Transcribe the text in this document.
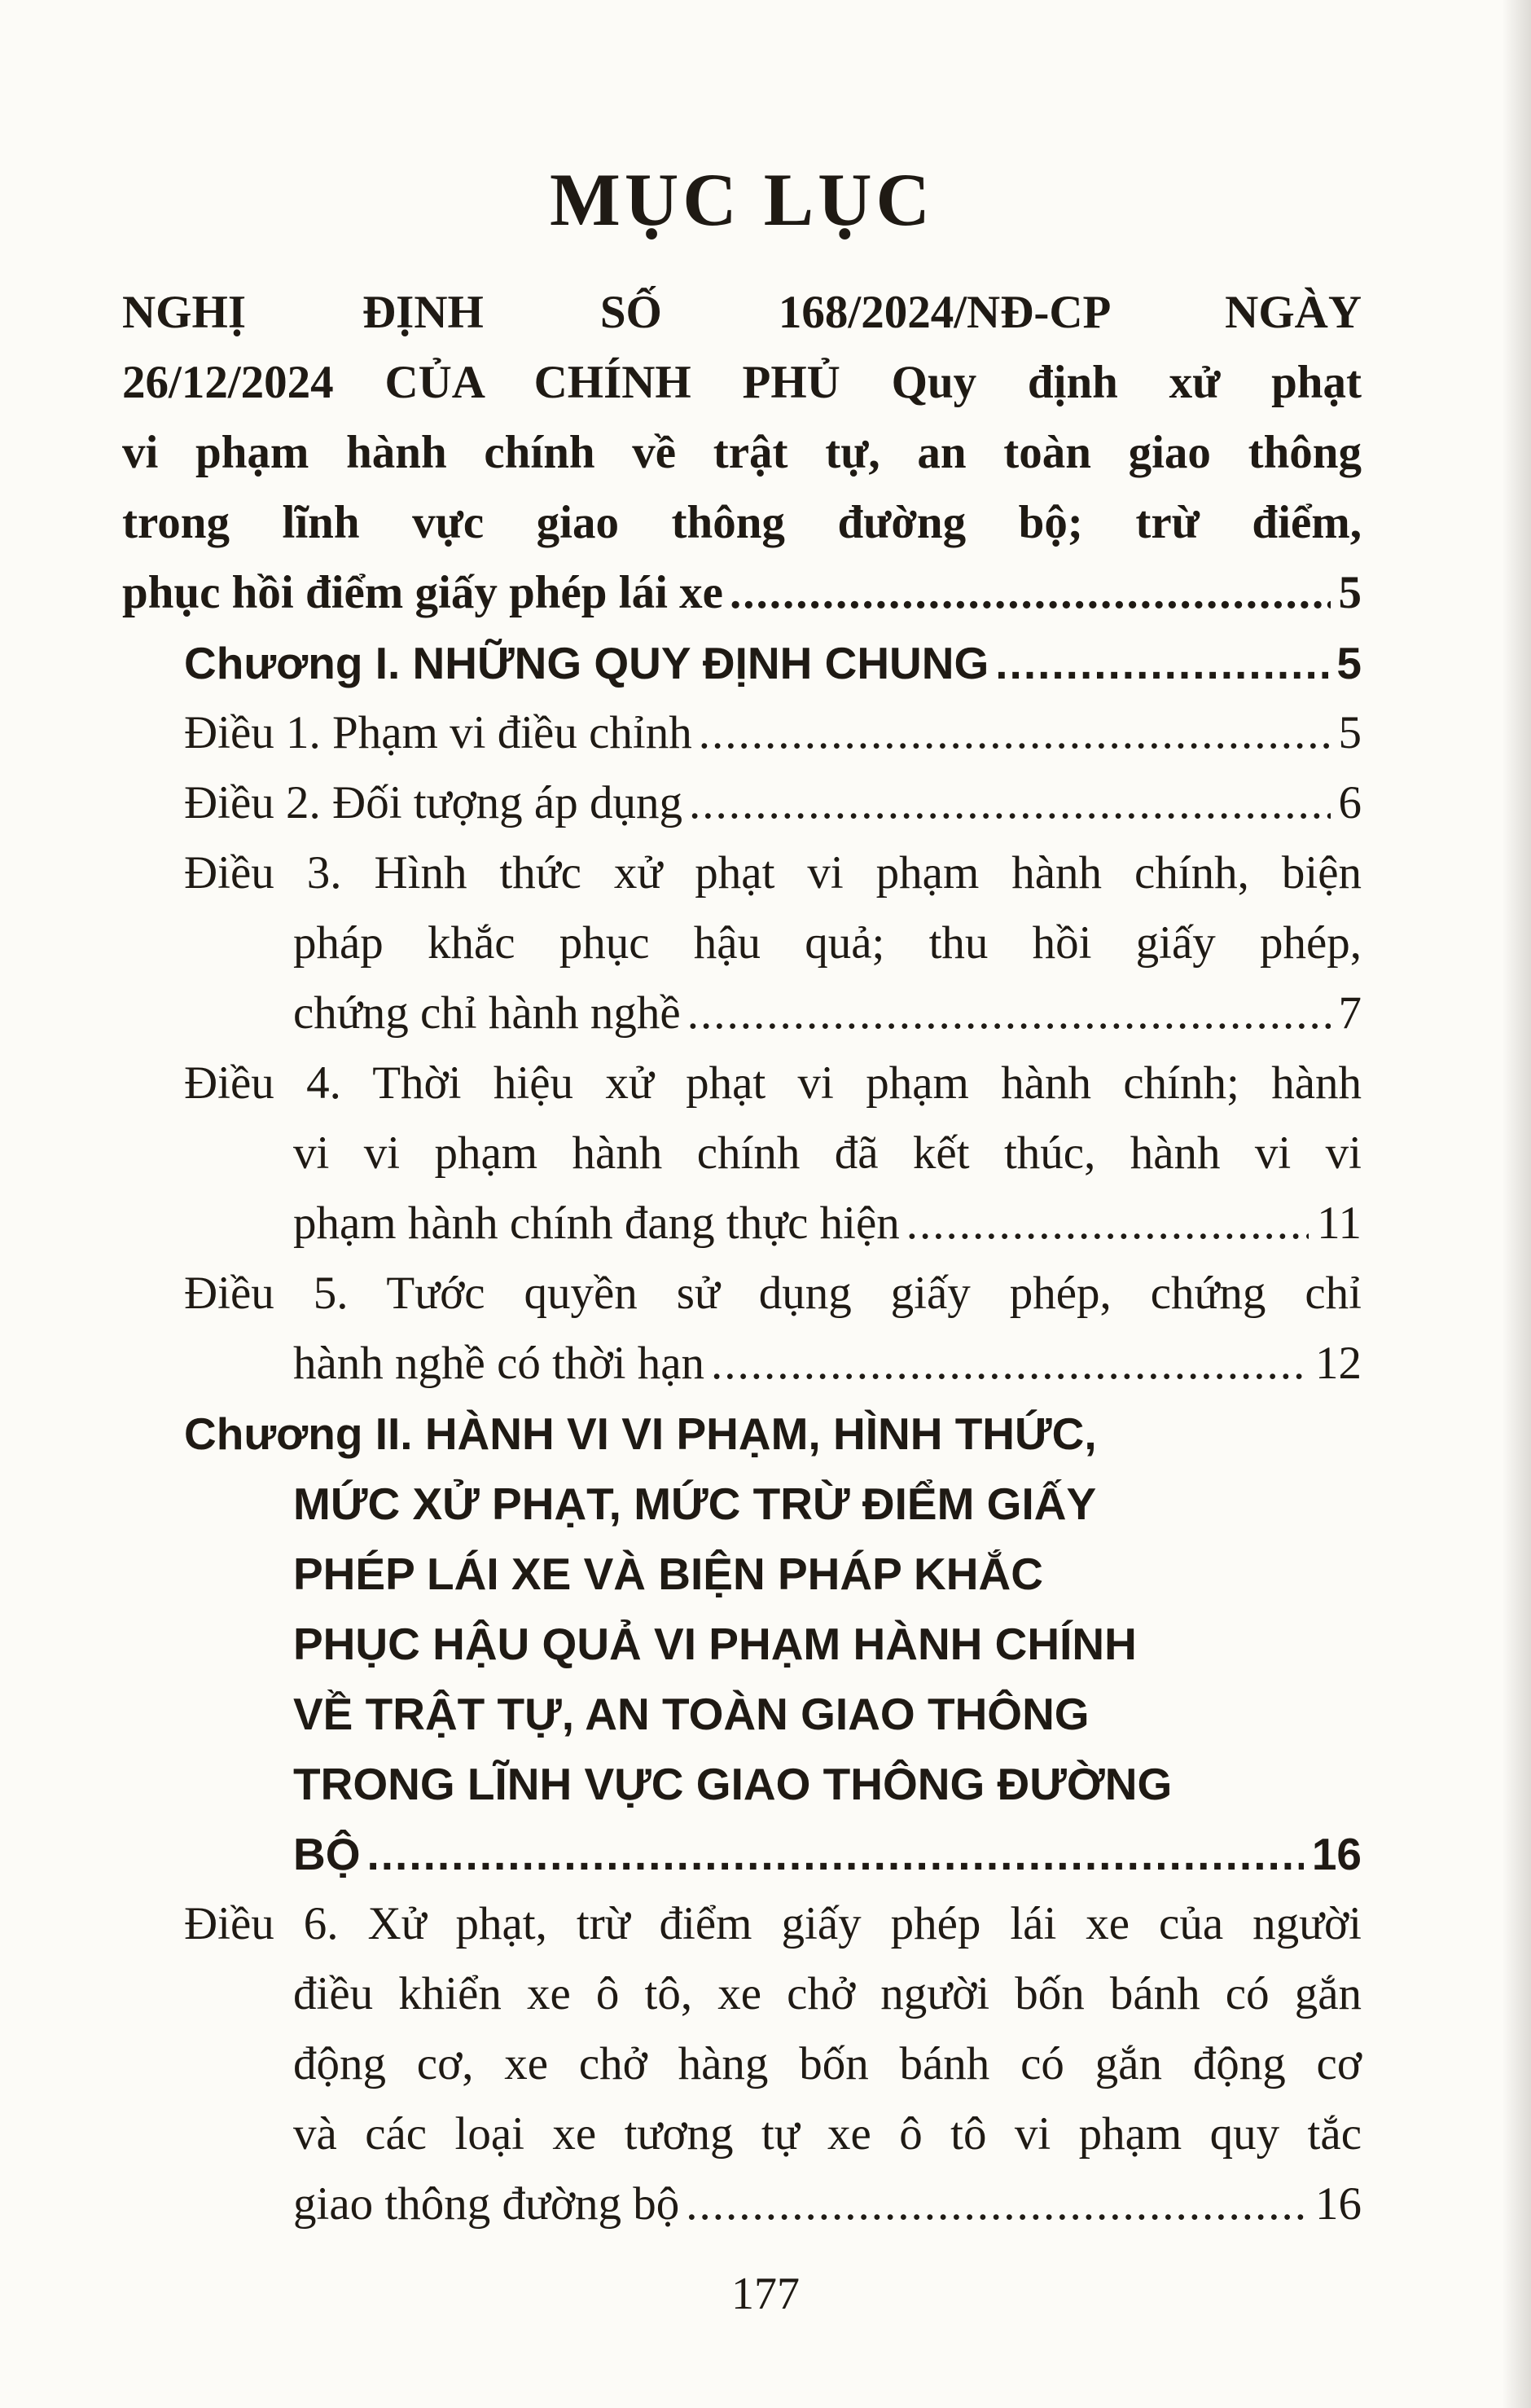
MỤC LỤC
NGHỊ ĐỊNH SỐ 168/2024/NĐ-CP NGÀY
26/12/2024 CỦA CHÍNH PHỦ Quy định xử phạt
vi phạm hành chính về trật tự, an toàn giao thông
trong lĩnh vực giao thông đường bộ; trừ điểm,
phục hồi điểm giấy phép lái xe .....	5
Chương I. NHỮNG QUY ĐỊNH CHUNG .....	5
Điều 1. Phạm vi điều chỉnh .....	5
Điều 2. Đối tượng áp dụng .....	6
Điều 3. Hình thức xử phạt vi phạm hành chính, biện
pháp khắc phục hậu quả; thu hồi giấy phép,
chứng chỉ hành nghề .....	7
Điều 4. Thời hiệu xử phạt vi phạm hành chính; hành
vi vi phạm hành chính đã kết thúc, hành vi vi
phạm hành chính đang thực hiện .....	11
Điều 5. Tước quyền sử dụng giấy phép, chứng chỉ
hành nghề có thời hạn .....	12
Chương II. HÀNH VI VI PHẠM, HÌNH THỨC,
MỨC XỬ PHẠT, MỨC TRỪ ĐIỂM GIẤY
PHÉP LÁI XE VÀ BIỆN PHÁP KHẮC
PHỤC HẬU QUẢ VI PHẠM HÀNH CHÍNH
VỀ TRẬT TỰ, AN TOÀN GIAO THÔNG
TRONG LĨNH VỰC GIAO THÔNG ĐƯỜNG
BỘ .....	16
Điều 6. Xử phạt, trừ điểm giấy phép lái xe của người
điều khiển xe ô tô, xe chở người bốn bánh có gắn
động cơ, xe chở hàng bốn bánh có gắn động cơ
và các loại xe tương tự xe ô tô vi phạm quy tắc
giao thông đường bộ .....	16
177
